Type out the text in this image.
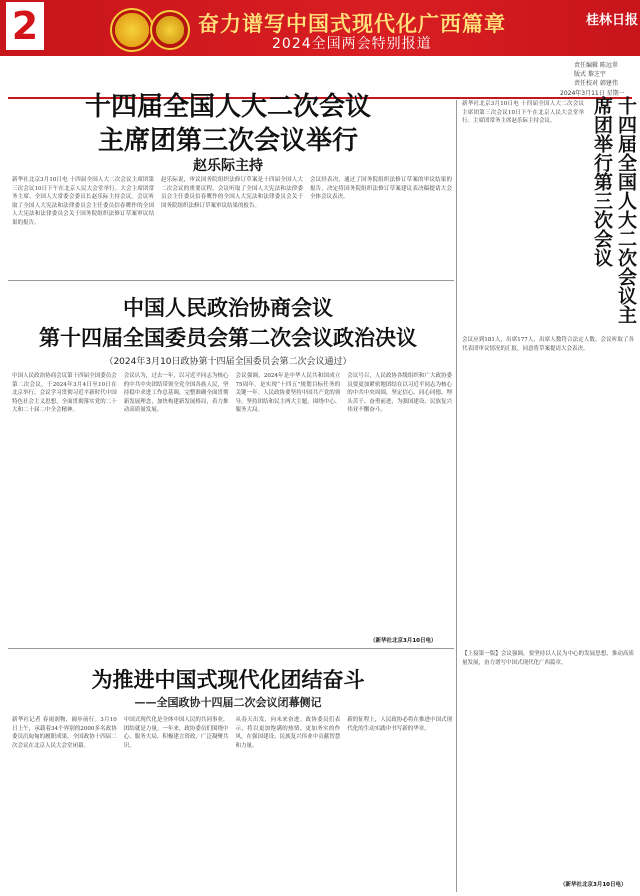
2	奋力谱写中国式现代化广西篇章
2024全国两会特别报道
桂林日报
责任编辑 陈远翠
版式 黎芝宇
责任校对 韩建伟
2024年3月11日 星期一
十四届全国人大二次会议
主席团第三次会议举行
赵乐际主持
新华社北京3月10日电 十四届全国人大二次会议主席团第三次会议10日下午在北京人民大会堂举行。大会主席团常务主席、全国人大常委会委员长赵乐际主持会议。会议听取了全国人大宪法和法律委员会主任委员信春鹰作的全国人大宪法和法律委员会关于国务院组织法修订草案审议结果的报告。
赵乐际说，审议国务院组织法修订草案是十四届全国人大二次会议的重要议程。会议听取了全国人大宪法和法律委员会主任委员信春鹰作的全国人大宪法和法律委员会关于国务院组织法修订草案审议结果的报告。
会议经表决，通过了国务院组织法修订草案的审议结果的报告，决定将国务院组织法修订草案建议表决稿提请大会全体会议表决。
中国人民政治协商会议
第十四届全国委员会第二次会议政治决议
（2024年3月10日政协第十四届全国委员会第二次会议通过）
中国人民政治协商会议第十四届全国委员会第二次会议，于2024年3月4日至10日在北京举行。会议学习贯彻习近平新时代中国特色社会主义思想，全面贯彻落实党的二十大和二十届二中全会精神。
会议认为，过去一年，以习近平同志为核心的中共中央团结带领全党全国各族人民，坚持稳中求进工作总基调，完整准确全面贯彻新发展理念，加快构建新发展格局，着力推动高质量发展。
会议强调，2024年是中华人民共和国成立75周年，是实现“十四五”规划目标任务的关键一年。人民政协要坚持中国共产党的领导，坚持团结和民主两大主题，围绕中心、服务大局。
会议号召，人民政协各级组织和广大政协委员要更加紧密地团结在以习近平同志为核心的中共中央周围，坚定信心、同心同德、埋头苦干、奋勇前进，为强国建设、民族复兴伟业不懈奋斗。
（新华社北京3月10日电）
为推进中国式现代化团结奋斗
——全国政协十四届二次会议闭幕侧记
新华社记者 春雨润物，阔步前行。3月10日上午，承载着34个界别的2000多名政协委员沉甸甸的履职成果，全国政协十四届二次会议在北京人民大会堂闭幕。
中国式现代化是全体中国人民的共同事业，团结就是力量。一年来，政协委员们围绕中心、服务大局，积极建言资政，广泛凝聚共识。
从春天出发，向未来奋进。政协委员们表示，将以更加饱满的热情、更加务实的作风，在强国建设、民族复兴伟业中贡献智慧和力量。
新的征程上，人民政协必将在推进中国式现代化的生动实践中书写新的华章。
十四届全国人大二次会议主席团举行第三次会议
新华社北京3月10日电 十四届全国人大二次会议主席团第三次会议10日下午在北京人民大会堂举行。主席团常务主席赵乐际主持会议。
会议应到181人，出席177人，出席人数符合法定人数。会议听取了各代表团审议情况的汇报，同意将草案提请大会表决。
【上接第一版】会议强调，要坚持以人民为中心的发展思想，推动高质量发展，奋力谱写中国式现代化广西篇章。
（新华社北京3月10日电）
